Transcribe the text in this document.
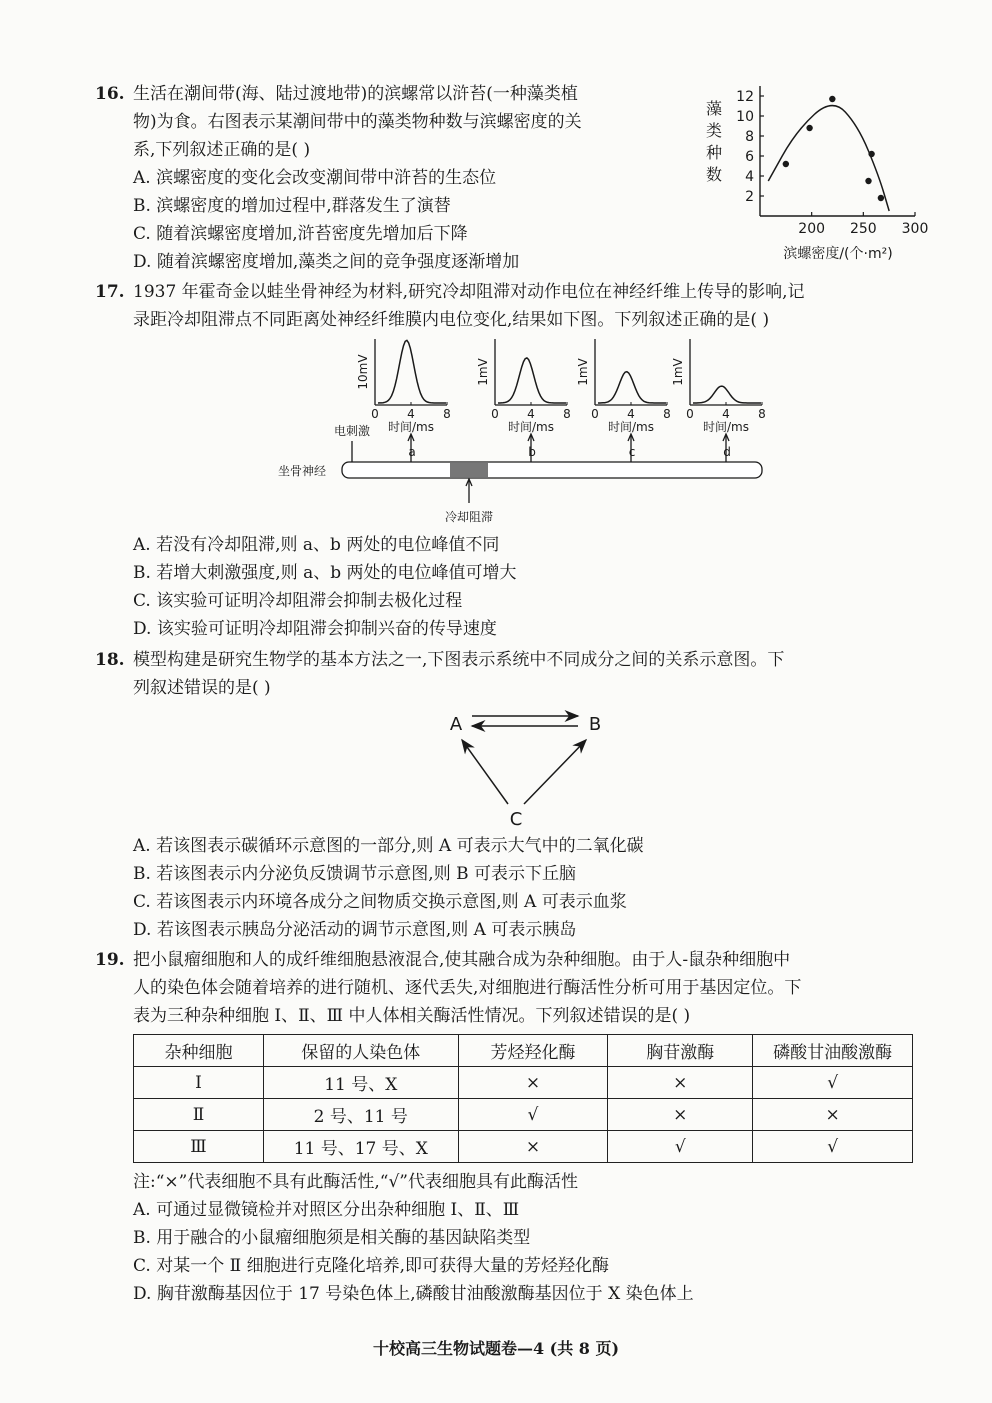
16. 生活在潮间带(海、陆过渡地带)的滨螺常以浒苔(一种藻类植
物)为食。右图表示某潮间带中的藻类物种数与滨螺密度的关
系,下列叙述正确的是( )
A. 滨螺密度的变化会改变潮间带中浒苔的生态位
B. 滨螺密度的增加过程中,群落发生了演替
C. 随着滨螺密度增加,浒苔密度先增加后下降
D. 随着滨螺密度增加,藻类之间的竞争强度逐渐增加
2
4
6
8
10
12
200 250 300
藻
类
种
数
滨螺密度/(个·m²)
17. 1937 年霍奇金以蛙坐骨神经为材料,研究冷却阻滞对动作电位在神经纤维上传导的影响,记
录距冷却阻滞点不同距离处神经纤维膜内电位变化,结果如下图。下列叙述正确的是( )
10mV
0 4 8
时间/ms
a
1mV
0 4 8
时间/ms
b
1mV
0 4 8
时间/ms
c
1mV
0 4 8
时间/ms
d
电刺激
坐骨神经
冷却阻滞
A. 若没有冷却阻滞,则 a、b 两处的电位峰值不同
B. 若增大刺激强度,则 a、b 两处的电位峰值可增大
C. 该实验可证明冷却阻滞会抑制去极化过程
D. 该实验可证明冷却阻滞会抑制兴奋的传导速度
18. 模型构建是研究生物学的基本方法之一,下图表示系统中不同成分之间的关系示意图。下
列叙述错误的是( )
A	B
C
A. 若该图表示碳循环示意图的一部分,则 A 可表示大气中的二氧化碳
B. 若该图表示内分泌负反馈调节示意图,则 B 可表示下丘脑
C. 若该图表示内环境各成分之间物质交换示意图,则 A 可表示血浆
D. 若该图表示胰岛分泌活动的调节示意图,则 A 可表示胰岛
19. 把小鼠瘤细胞和人的成纤维细胞悬液混合,使其融合成为杂种细胞。由于人-鼠杂种细胞中
人的染色体会随着培养的进行随机、逐代丢失,对细胞进行酶活性分析可用于基因定位。下
表为三种杂种细胞 Ⅰ、Ⅱ、Ⅲ 中人体相关酶活性情况。下列叙述错误的是( )
杂种细胞	保留的人染色体	芳烃羟化酶	胸苷激酶	磷酸甘油酸激酶
Ⅰ	11 号、X	×	×	√
Ⅱ	2 号、11 号	√	×	×
Ⅲ	11 号、17 号、X	×	√	√
注:“×”代表细胞不具有此酶活性,“√”代表细胞具有此酶活性
A. 可通过显微镜检并对照区分出杂种细胞 Ⅰ、Ⅱ、Ⅲ
B. 用于融合的小鼠瘤细胞须是相关酶的基因缺陷类型
C. 对某一个 Ⅱ 细胞进行克隆化培养,即可获得大量的芳烃羟化酶
D. 胸苷激酶基因位于 17 号染色体上,磷酸甘油酸激酶基因位于 X 染色体上
十校高三生物试题卷—4 (共 8 页)
